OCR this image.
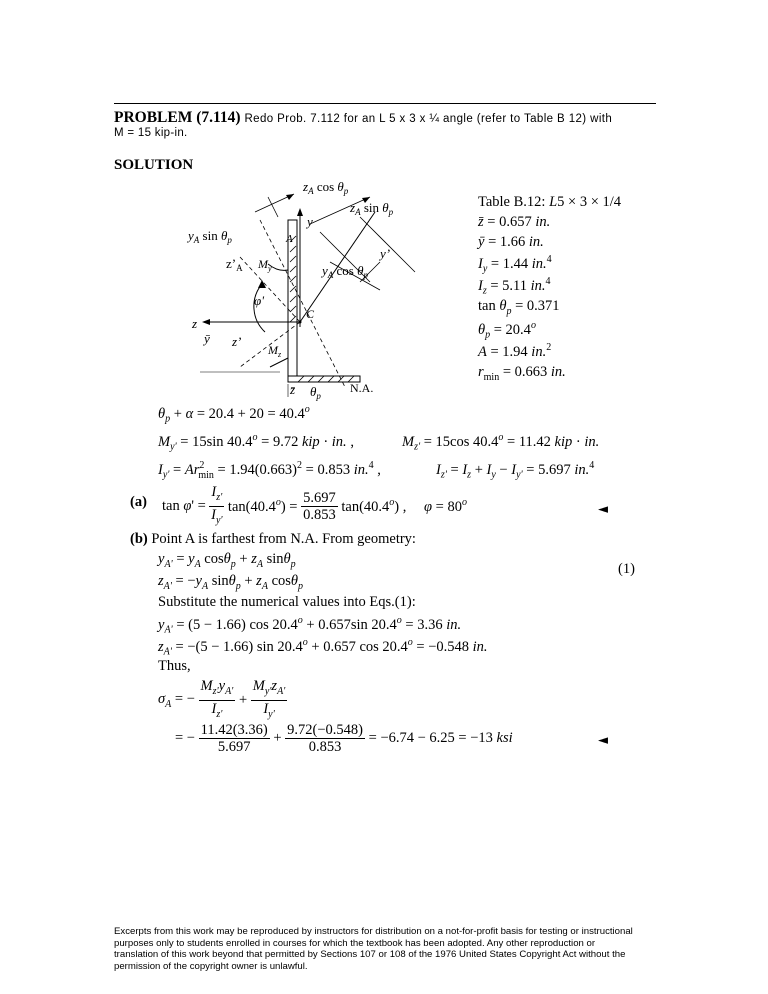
PROBLEM (7.114) Redo Prob. 7.112 for an L 5 x 3 x ¼ angle (refer to Table B 12) with
M = 15 kip-in.
SOLUTION
$z_A$ $\cos \theta_p$
$z_A$ $\sin \theta_p$
$y_A$ $\sin \theta_p$
y
A
y’
$z’_A$ $M_y$	$y_A$ $\cos \theta_p$
φ'
C
z
ȳ z’
$M_z$
z̄ $\theta_p$
N.A.
Table B.12: L5 × 3 × 1/4
z̄ = 0.657 in.
ȳ = 1.66 in.
$I_y = 1.44$ in.$^4$
$I_z = 5.11$ in.$^4$
$\tan \theta_p = 0.371$
$\theta_p = 20.4^o$
A = 1.94 in.$^2$
$r_{min} = 0.663$ in.
$\theta_p + \alpha = 20.4 + 20 = 40.4^o$
$M_{y'} = 15\sin$ $40.4^o = 9.72$ kip · in. ,	$M_{z'} = 15\cos$ $40.4^o = 11.42$ kip · in.
$I_{y'} = Ar^2_{min} = 1.94(0.663)^2 = 0.853$ in.$^4$ ,	$I_{z'} = I_z + I_y - I_{y'} = 5.697$ in.$^4$
(a) $\tan \varphi' = \frac{I_{z'}}{I_{y'}} \tan(40.4^o) = \frac{5.697}{0.853} \tan(40.4^o)$ , $\varphi = 80^o$	◄
(b) Point A is farthest from N.A. From geometry:
$y_{A'} = y_A$ $\cos\theta_p + z_A$ sinθ$_p$	(1)
$z_{A'} = -y_A$ $\sin\theta_p + z_A$ cosθ$_p$
Substitute the numerical values into Eqs.(1):
$y_{A'} = (5 - 1.66)$ $\cos 20.4^o + 0.657\sin$ $20.4^o = 3.36$ in.
$z_{A'} = -(5 - 1.66)$ $\sin 20.4^o + 0.657$ $\cos 20.4^o = -0.548$ in.
Thus,
$\sigma_A$ = − $\frac{M_{z'}y_{A'}}{I_{z'}} + \frac{M_{y'}z_{A'}}{I_{y'}}$
= − $\frac{11.42(3.36)}{5.697} + \frac{9.72(-0.548)}{0.853} = -6.74 - 6.25 = -13$ ksi	◄
Excerpts from this work may be reproduced by instructors for distribution on a not-for-profit basis for testing or instructional purposes only to students enrolled in courses for which the textbook has been adopted. Any other reproduction or translation of this work beyond that permitted by Sections 107 or 108 of the 1976 United States Copyright Act without the permission of the copyright owner is unlawful.
